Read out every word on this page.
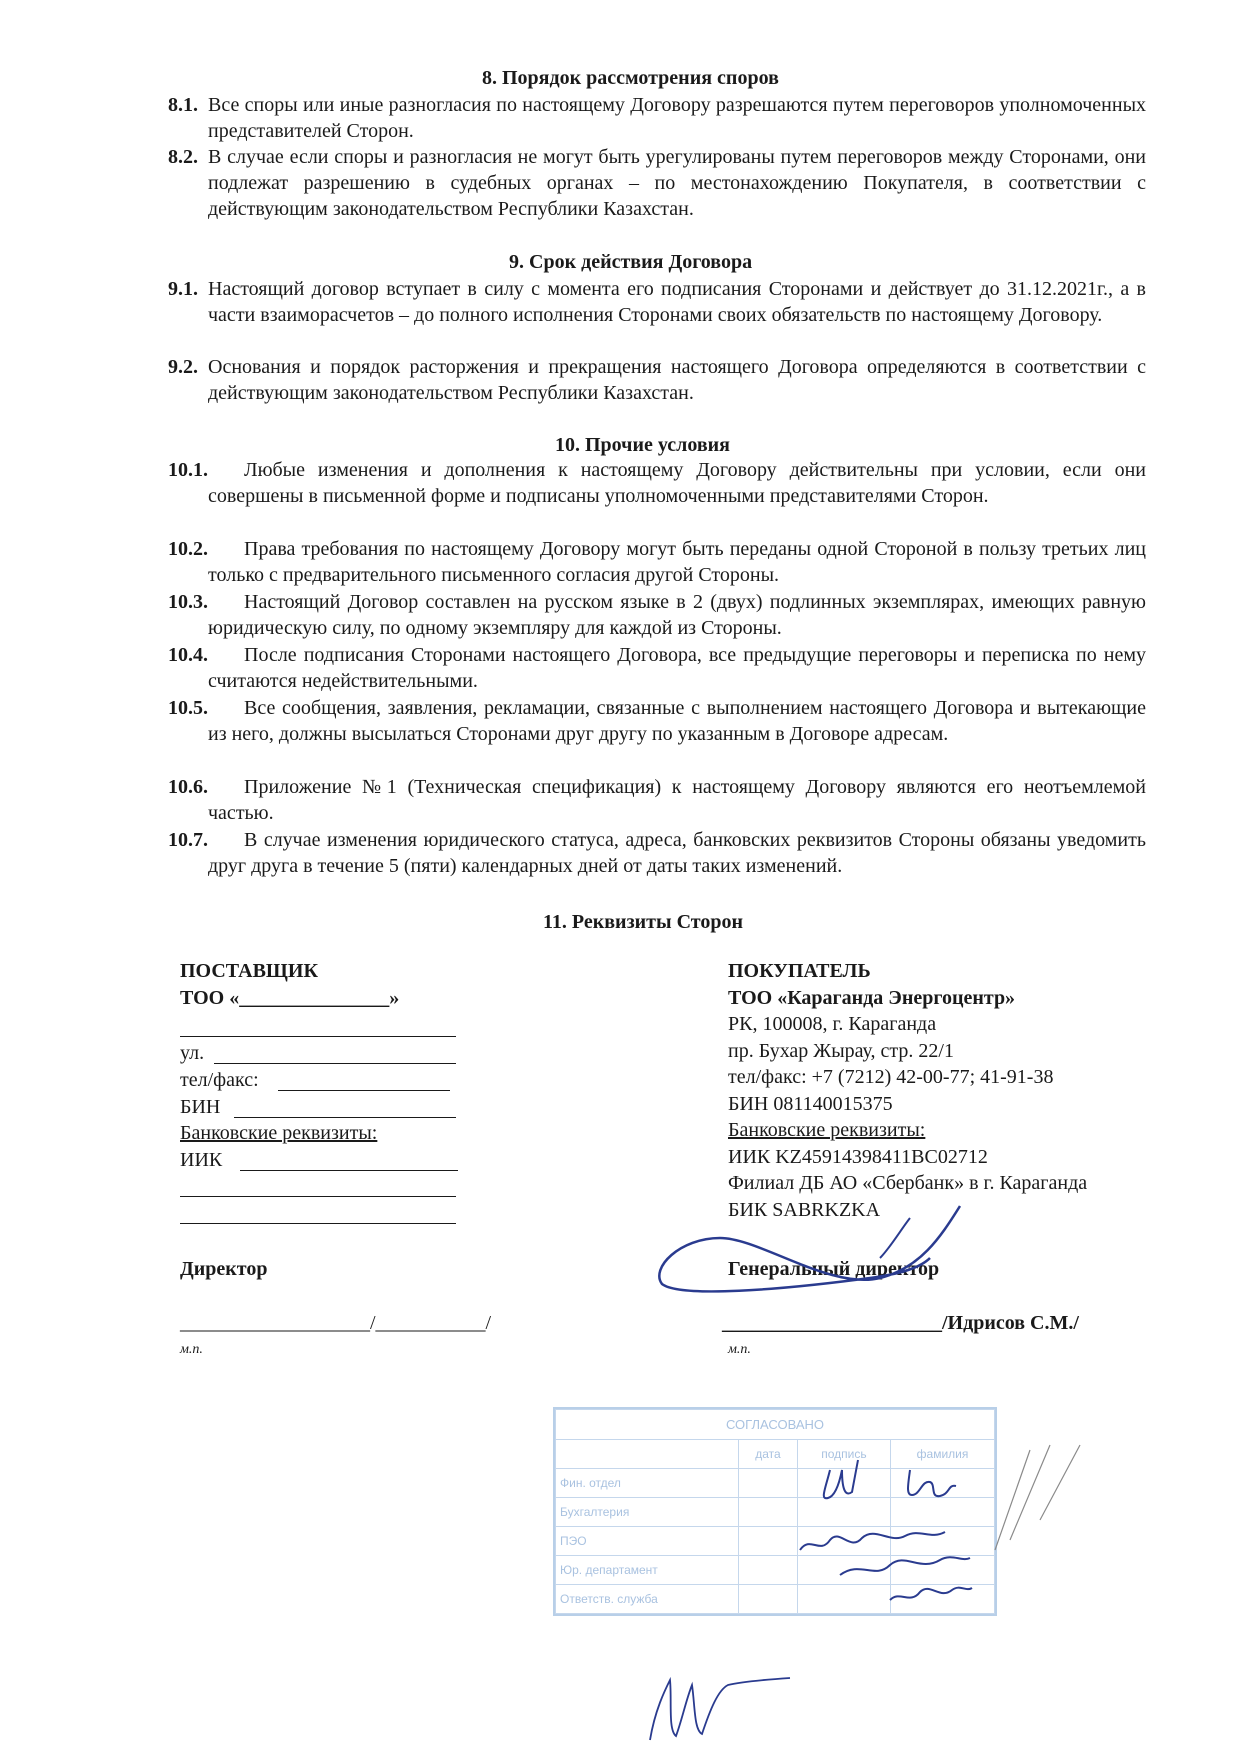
8. Порядок рассмотрения споров
8.1. Все споры или иные разногласия по настоящему Договору разрешаются путем переговоров уполномоченных представителей Сторон.
8.2. В случае если споры и разногласия не могут быть урегулированы путем переговоров между Сторонами, они подлежат разрешению в судебных органах – по местонахождению Покупателя, в соответствии с действующим законодательством Республики Казахстан.
9. Срок действия Договора
9.1. Настоящий договор вступает в силу с момента его подписания Сторонами и действует до 31.12.2021г., а в части взаиморасчетов – до полного исполнения Сторонами своих обязательств по настоящему Договору.
9.2. Основания и порядок расторжения и прекращения настоящего Договора определяются в соответствии с действующим законодательством Республики Казахстан.
10. Прочие условия
10.1.	Любые изменения и дополнения к настоящему Договору действительны при условии, если они совершены в письменной форме и подписаны уполномоченными представителями Сторон.
10.2.	Права требования по настоящему Договору могут быть переданы одной Стороной в пользу третьих лиц только с предварительного письменного согласия другой Стороны.
10.3.	Настоящий Договор составлен на русском языке в 2 (двух) подлинных экземплярах, имеющих равную юридическую силу, по одному экземпляру для каждой из Стороны.
10.4.	После подписания Сторонами настоящего Договора, все предыдущие переговоры и переписка по нему считаются недействительными.
10.5.	Все сообщения, заявления, рекламации, связанные с выполнением настоящего Договора и вытекающие из него, должны высылаться Сторонами друг другу по указанным в Договоре адресам.
10.6.	Приложение №1 (Техническая спецификация) к настоящему Договору являются его неотъемлемой частью.
10.7.	В случае изменения юридического статуса, адреса, банковских реквизитов Стороны обязаны уведомить друг друга в течение 5 (пяти) календарных дней от даты таких изменений.
11. Реквизиты Сторон
ПОСТАВЩИК
ТОО «_______________»
ул.
тел/факс:
БИН
Банковские реквизиты:
ИИК
Директор
___________________/___________/
м.п.
ПОКУПАТЕЛЬ
ТОО «Караганда Энергоцентр»
РК, 100008, г. Караганда
пр. Бухар Жырау, стр. 22/1
тел/факс: +7 (7212) 42-00-77; 41-91-38
БИН 081140015375
Банковские реквизиты:
ИИК KZ45914398411BC02712
Филиал ДБ АО «Сбербанк» в г. Караганда
БИК SABRKZKA
Генеральный директор
______________________/Идрисов С.М./
м.п.
СОГЛАСОВАНО			
	дата	подпись	фамилия
Фин. отдел			
Бухгалтерия			
ПЭО			
Юр. департамент			
Ответств. служба			
